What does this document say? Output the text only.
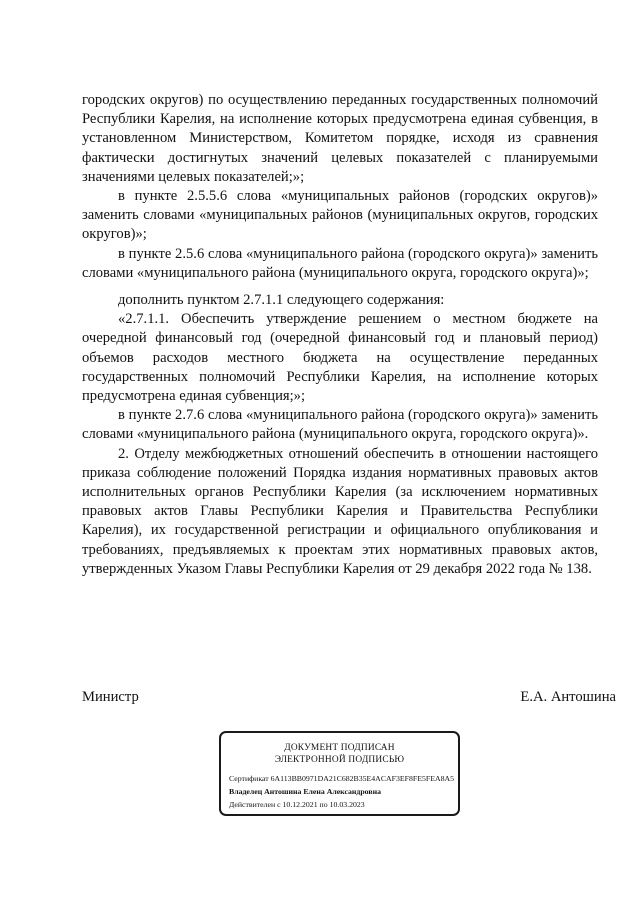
городских округов) по осуществлению переданных государственных полномочий Республики Карелия, на исполнение которых предусмотрена единая субвенция, в установленном Министерством, Комитетом порядке, исходя из сравнения фактически достигнутых значений целевых показателей с планируемыми значениями целевых показателей;»;

в пункте 2.5.5.6 слова «муниципальных районов (городских округов)» заменить словами «муниципальных районов (муниципальных округов, городских округов)»;

в пункте 2.5.6 слова «муниципального района (городского округа)» заменить словами «муниципального района (муниципального округа, городского округа)»;

дополнить пунктом 2.7.1.1 следующего содержания:

«2.7.1.1. Обеспечить утверждение решением о местном бюджете на очередной финансовый год (очередной финансовый год и плановый период) объемов расходов местного бюджета на осуществление переданных государственных полномочий Республики Карелия, на исполнение которых предусмотрена единая субвенция;»;

в пункте 2.7.6 слова «муниципального района (городского округа)» заменить словами «муниципального района (муниципального округа, городского округа)».

2. Отделу межбюджетных отношений обеспечить в отношении настоящего приказа соблюдение положений Порядка издания нормативных правовых актов исполнительных органов Республики Карелия (за исключением нормативных правовых актов Главы Республики Карелия и Правительства Республики Карелия), их государственной регистрации и официального опубликования и требованиях, предъявляемых к проектам этих нормативных правовых актов, утвержденных Указом Главы Республики Карелия от 29 декабря 2022 года № 138.

Министр	Е.А. Антошина
ДОКУМЕНТ ПОДПИСАН
ЭЛЕКТРОННОЙ ПОДПИСЬЮ
Сертификат 6A113BB0971DA21C682B35E4ACAF3EF8FE5FEA8A5
Владелец Антошина Елена Александровна
Действителен с 10.12.2021 по 10.03.2023
